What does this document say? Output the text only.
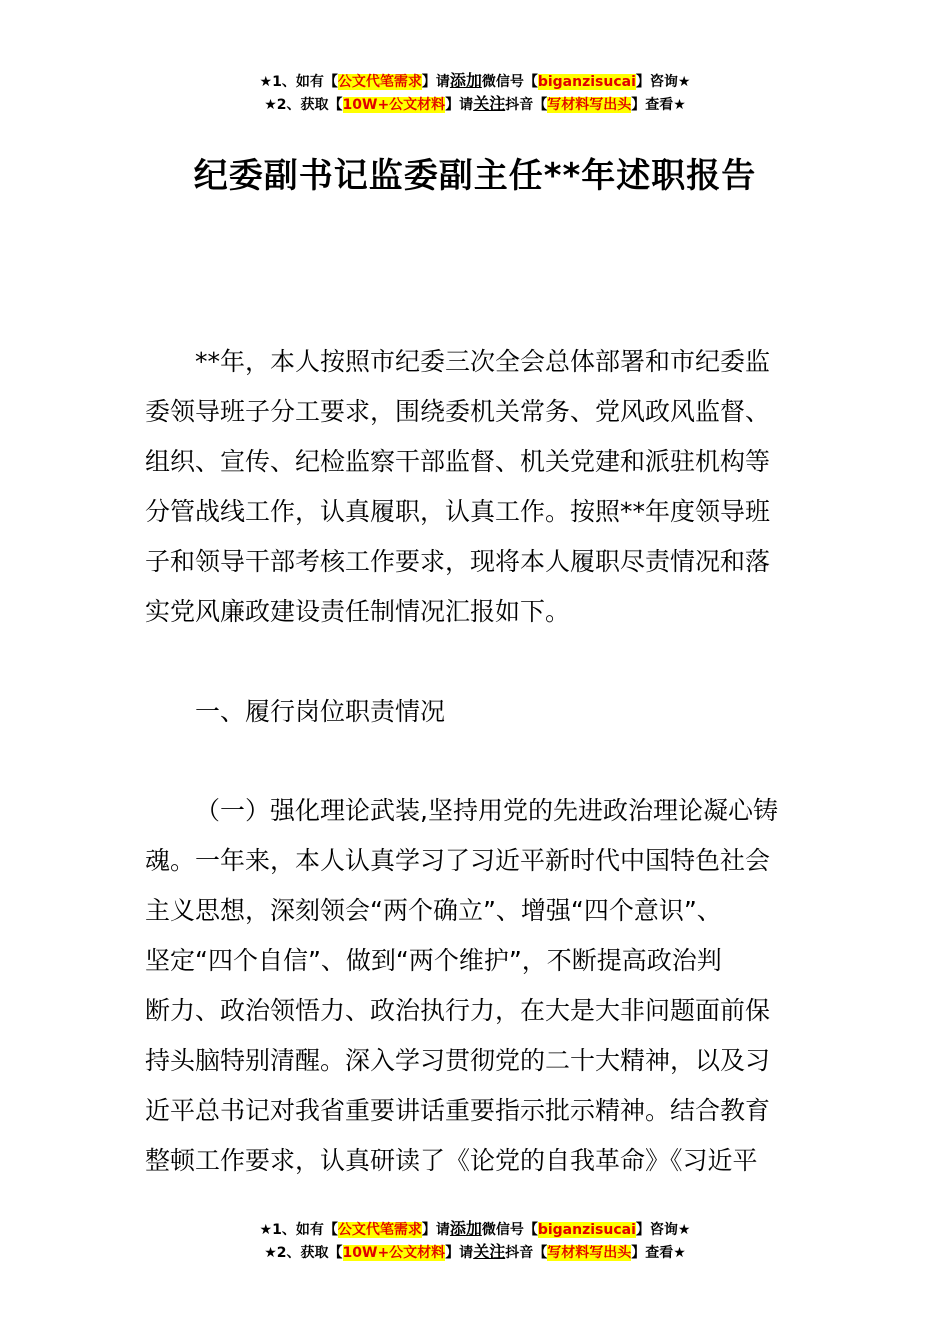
★1、如有【公文代笔需求】请添加微信号【biganzisucai】咨询★
★2、获取【10W+公文材料】请关注抖音【写材料写出头】查看★
纪委副书记监委副主任**年述职报告
**年，本人按照市纪委三次全会总体部署和市纪委监
委领导班子分工要求，围绕委机关常务、党风政风监督、
组织、宣传、纪检监察干部监督、机关党建和派驻机构等
分管战线工作，认真履职，认真工作。按照**年度领导班
子和领导干部考核工作要求，现将本人履职尽责情况和落
实党风廉政建设责任制情况汇报如下。
一、履行岗位职责情况
（一）强化理论武装,坚持用党的先进政治理论凝心铸
魂。一年来，本人认真学习了习近平新时代中国特色社会
主义思想，深刻领会“两个确立”、增强“四个意识”、
坚定“四个自信”、做到“两个维护”，不断提高政治判
断力、政治领悟力、政治执行力，在大是大非问题面前保
持头脑特别清醒。深入学习贯彻党的二十大精神，以及习
近平总书记对我省重要讲话重要指示批示精神。结合教育
整顿工作要求，认真研读了《论党的自我革命》《习近平
★1、如有【公文代笔需求】请添加微信号【biganzisucai】咨询★
★2、获取【10W+公文材料】请关注抖音【写材料写出头】查看★
